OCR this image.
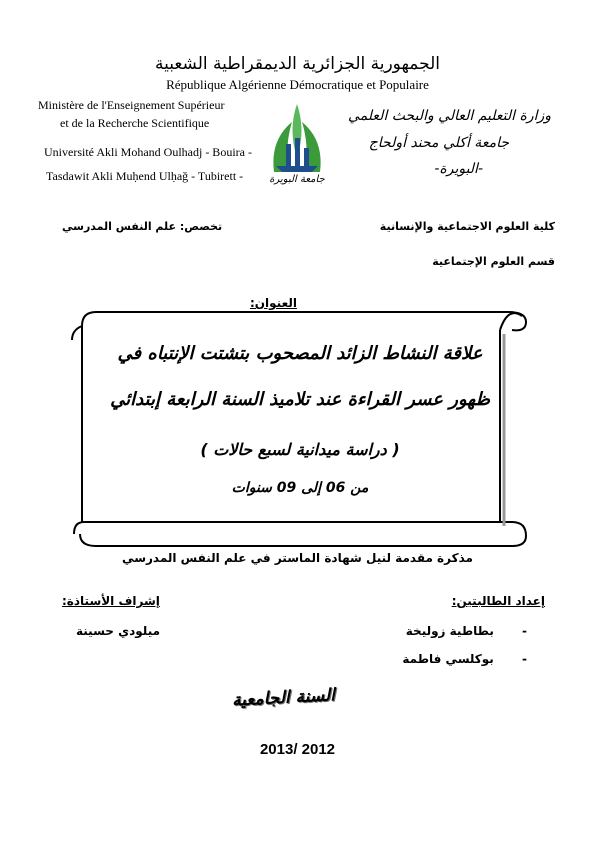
الجمهورية الجزائرية الديمقراطية الشعبية
République Algérienne Démocratique et Populaire
Ministère de l'Enseignement Supérieur
et de la Recherche Scientifique
Université Akli Mohand Oulhadj - Bouira -
Tasdawit Akli Muḥend Ulḥağ - Tubirett -
وزارة التعليم العالي والبحث العلمي
جامعة أكلي محند أولحاج
-البويرة-
جامعة البويرة
كلية العلوم الاجتماعية والإنسانية
تخصص: علم النفس المدرسي
قسم العلوم الإجتماعية
العنوان:
علاقة النشاط الزائد المصحوب بتشتت الإنتباه في
ظهور عسر القراءة عند تلاميذ السنة الرابعة إبتدائي
( دراسة ميدانية لسبع حالات )
من 06 إلى 09 سنوات
مذكرة مقدمة لنيل شهادة الماستر في علم النفس المدرسي
إعداد الطالبتين:
- بطاطية زوليخة
- بوكلسي فاطمة
إشراف الأستاذة:
ميلودي حسينة
السنة الجامعية
2013/ 2012
